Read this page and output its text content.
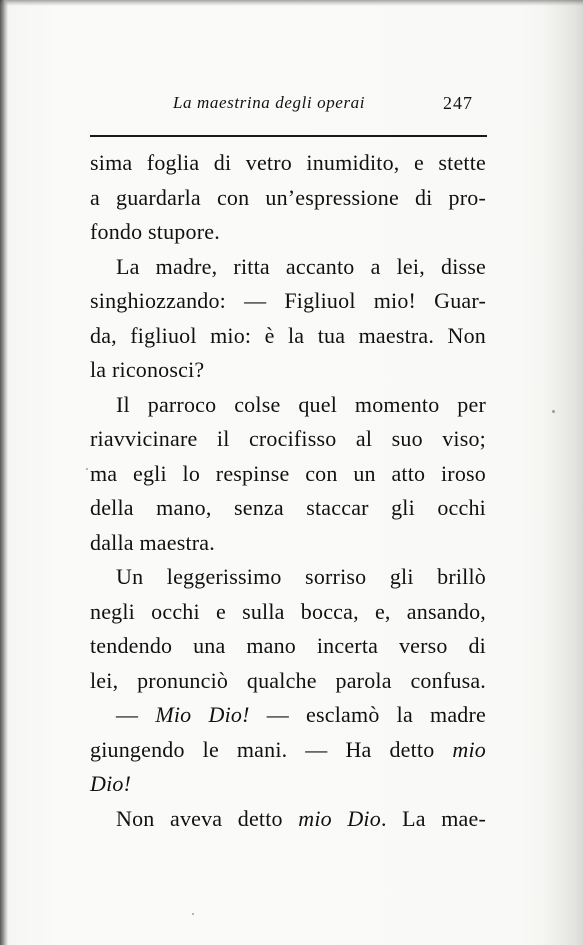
La maestrina degli operai	247
sima foglia di vetro inumidito, e stette
a guardarla con un’espressione di pro-
fondo stupore.
La madre, ritta accanto a lei, disse
singhiozzando: — Figliuol mio! Guar-
da, figliuol mio: è la tua maestra. Non
la riconosci?
Il parroco colse quel momento per
riavvicinare il crocifisso al suo viso;
ma egli lo respinse con un atto iroso
della mano, senza staccar gli occhi
dalla maestra.
Un leggerissimo sorriso gli brillò
negli occhi e sulla bocca, e, ansando,
tendendo una mano incerta verso di
lei, pronunciò qualche parola confusa.
— Mio Dio! — esclamò la madre
giungendo le mani. — Ha detto mio
Dio!
Non aveva detto mio Dio. La mae-
